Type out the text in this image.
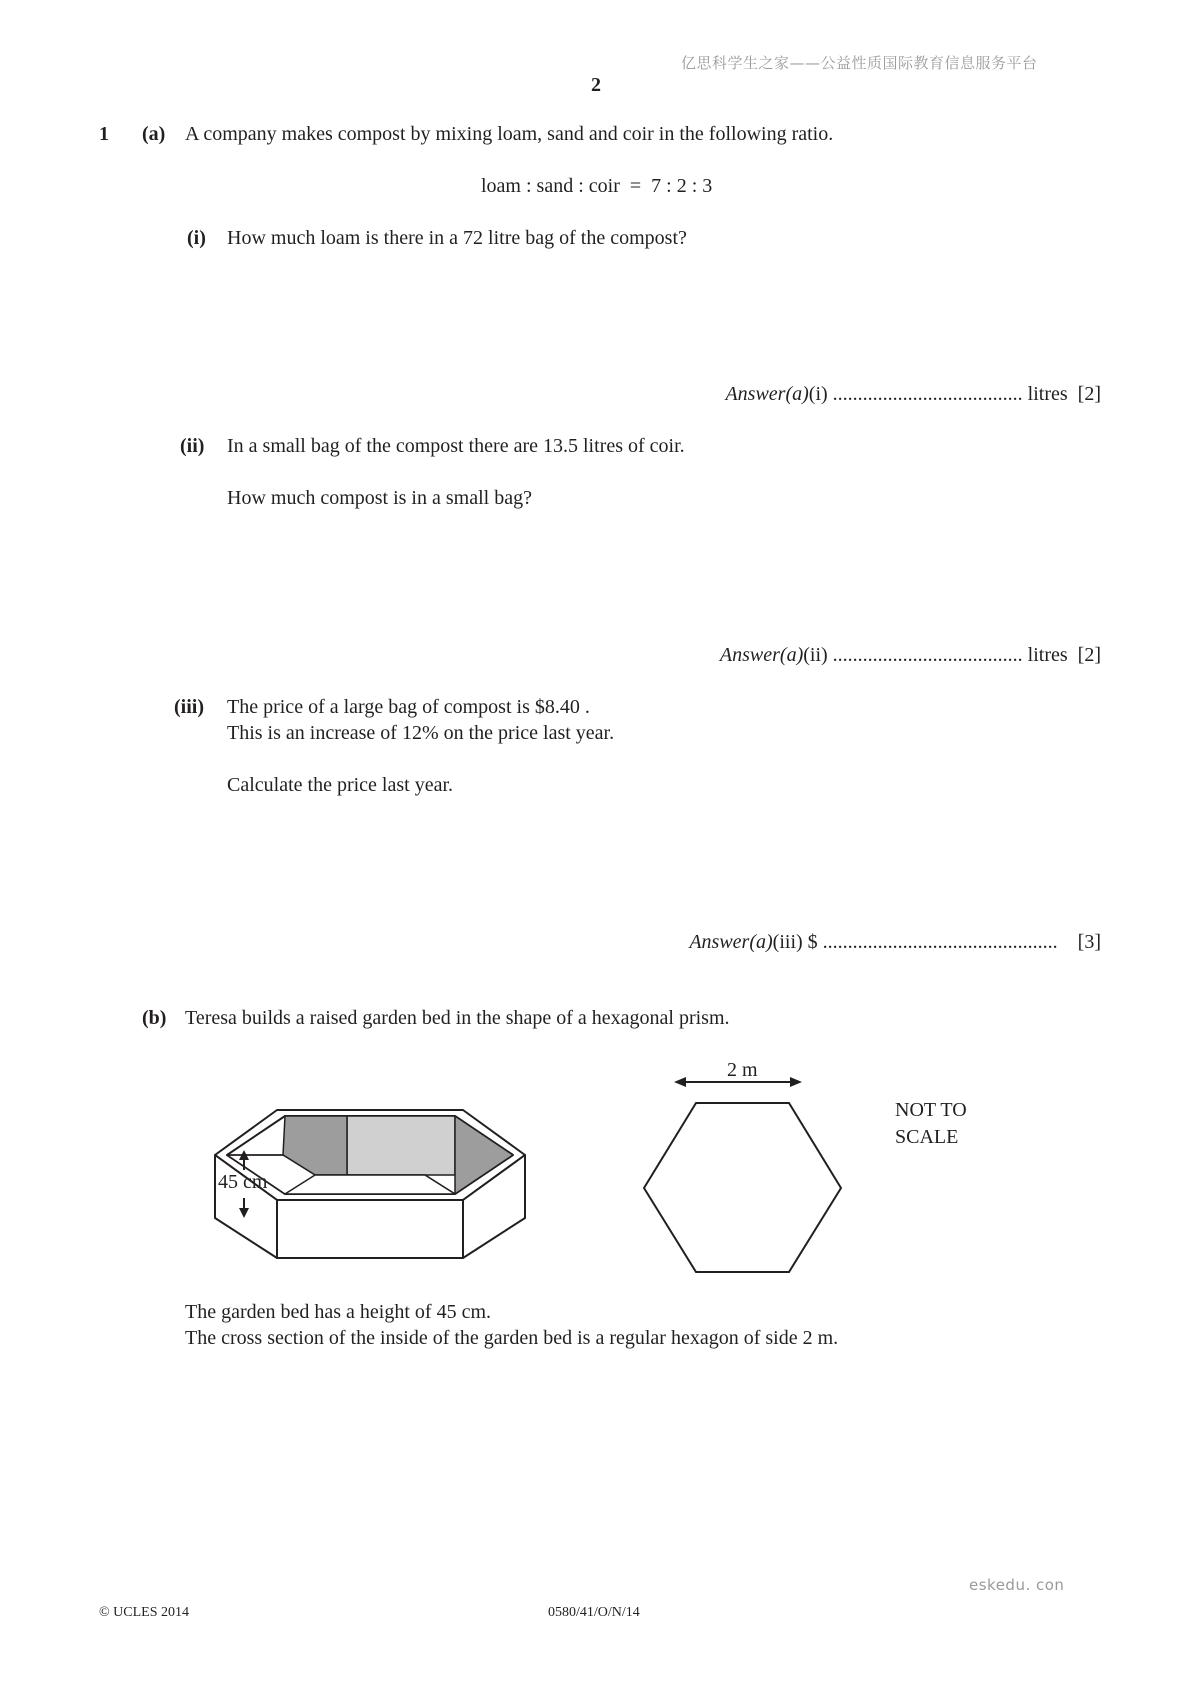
亿思科学生之家——公益性质国际教育信息服务平台
2
1 (a) A company makes compost by mixing loam, sand and coir in the following ratio.
loam : sand : coir  =  7 : 2 : 3
(i) How much loam is there in a 72 litre bag of the compost?
Answer(a)(i) ...................................... litres [2]
(ii) In a small bag of the compost there are 13.5 litres of coir.
How much compost is in a small bag?
Answer(a)(ii) ...................................... litres [2]
(iii) The price of a large bag of compost is $8.40 .
This is an increase of 12% on the price last year.
Calculate the price last year.
Answer(a)(iii) $ ............................................... [3]
(b) Teresa builds a raised garden bed in the shape of a hexagonal prism.
45 cm
2 m
NOT TO
SCALE
The garden bed has a height of 45 cm.
The cross section of the inside of the garden bed is a regular hexagon of side 2 m.
eskedu. con
© UCLES 2014	0580/41/O/N/14
